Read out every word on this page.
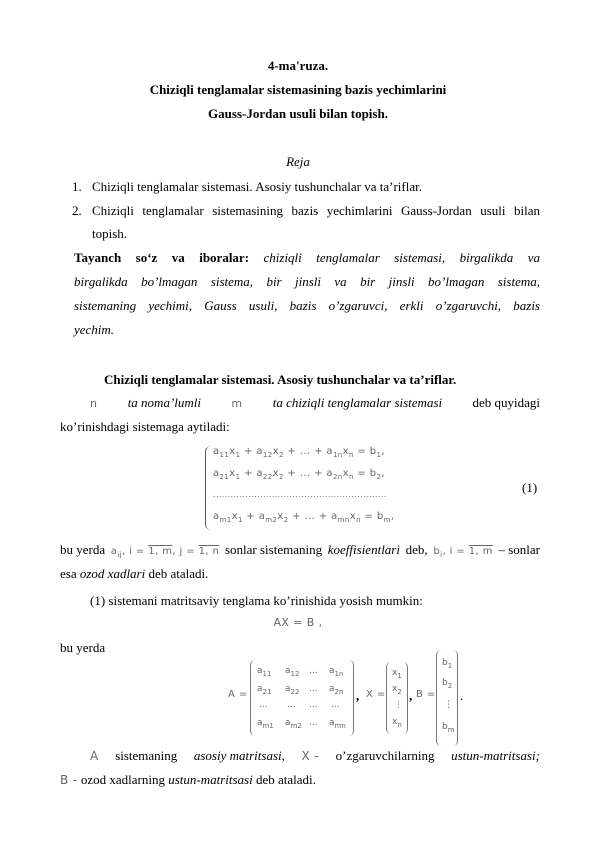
4-ma'ruza.
Chiziqli tenglamalar sistemasining bazis yechimlarini
Gauss-Jordan usuli bilan topish.
Reja
1. Chiziqli tenglamalar sistemasi. Asosiy tushunchalar va ta’riflar.
2. Chiziqli tenglamalar sistemasining bazis yechimlarini Gauss-Jordan usuli bilan
topish.
Tayanch so‘z va iboralar: chiziqli tenglamalar sistemasi, birgalikda va
birgalikda bo’lmagan sistema, bir jinsli va bir jinsli bo’lmagan sistema,
sistemaning yechimi, Gauss usuli, bazis o’zgaruvci, erkli o’zgaruvchi, bazis
yechim.
Chiziqli tenglamalar sistemasi. Asosiy tushunchalar va ta’riflar.
n ta noma’lumli	m ta chiziqli tenglamalar sistemasi deb quyidagi
ko’rinishdagi sistemaga aytiladi:
$a_{11}x_1 + a_{12}x_2$ + ... + $a_{1n}x_n = b_1$,
$a_{21}x_1 + a_{22}x_2$ + ... + $a_{2n}x_n = b_2$,
...........................................................
$a_{m1}x_1 + a_{m2}x_2$ + ... + $a_{mn}x_n = b_m$,
(1)
bu yerda $a_{ij}$, i = 1, m, j = 1, n sonlar sistemaning koeffisientlari deb, $b_i$, i = 1, m – sonlar
esa ozod xadlari deb ataladi.
(1) sistemani matritsaviy tenglama ko’rinishida yosish mumkin:
AX = B ,
bu yerda
A =
$a_{11}$ $a_{12}$ ... $a_{1n}$
$a_{21}$ $a_{22}$ ... $a_{2n}$
... ... ... ...
$a_{m1}$ $a_{m2}$ ... $a_{mn}$
, X =
$x_1$
$x_2$
⋮
$x_n$
, B =
$b_1$
$b_2$
⋮
$b_m$
.
A sistemaning asosiy matritsasi, X - o’zgaruvchilarning ustun-matritsasi;
B - ozod xadlarning ustun-matritsasi deb ataladi.
